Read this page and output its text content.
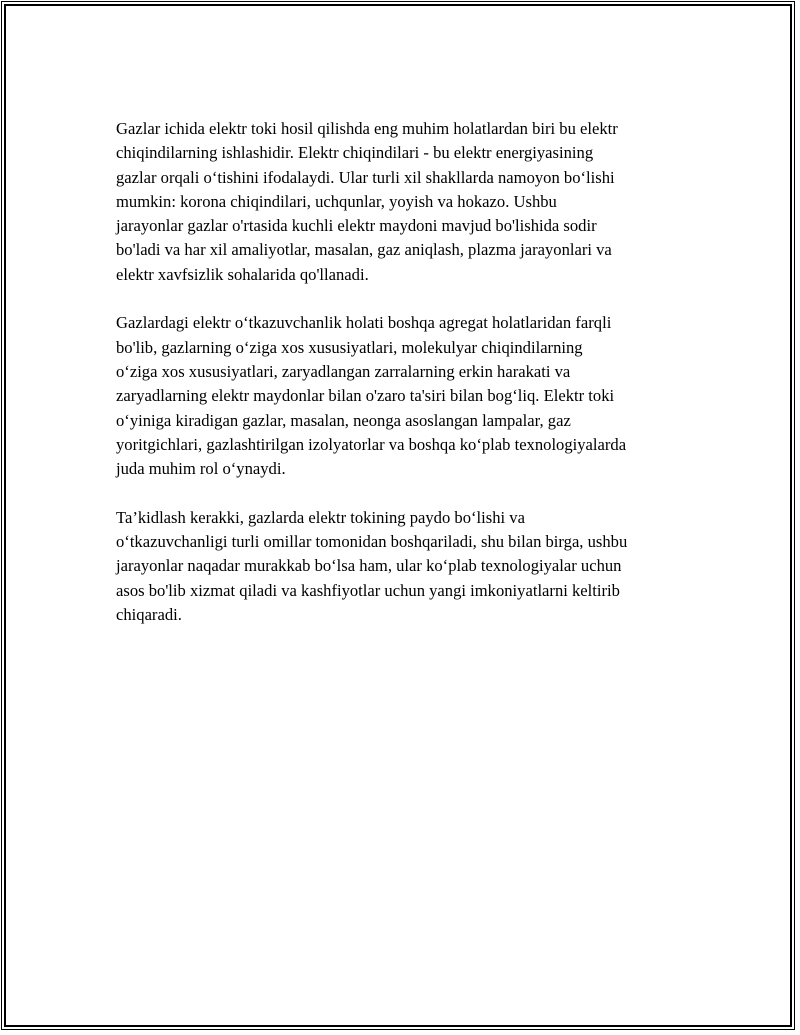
Gazlar ichida elektr toki hosil qilishda eng muhim holatlardan biri bu elektr
chiqindilarning ishlashidir. Elektr chiqindilari - bu elektr energiyasining
gazlar orqali o‘tishini ifodalaydi. Ular turli xil shakllarda namoyon bo‘lishi
mumkin: korona chiqindilari, uchqunlar, yoyish va hokazo. Ushbu
jarayonlar gazlar o'rtasida kuchli elektr maydoni mavjud bo'lishida sodir
bo'ladi va har xil amaliyotlar, masalan, gaz aniqlash, plazma jarayonlari va
elektr xavfsizlik sohalarida qo'llanadi.

Gazlardagi elektr o‘tkazuvchanlik holati boshqa agregat holatlaridan farqli
bo'lib, gazlarning o‘ziga xos xususiyatlari, molekulyar chiqindilarning
o‘ziga xos xususiyatlari, zaryadlangan zarralarning erkin harakati va
zaryadlarning elektr maydonlar bilan o'zaro ta'siri bilan bog‘liq. Elektr toki
o‘yiniga kiradigan gazlar, masalan, neonga asoslangan lampalar, gaz
yoritgichlari, gazlashtirilgan izolyatorlar va boshqa ko‘plab texnologiyalarda
juda muhim rol o‘ynaydi.

Ta’kidlash kerakki, gazlarda elektr tokining paydo bo‘lishi va
o‘tkazuvchanligi turli omillar tomonidan boshqariladi, shu bilan birga, ushbu
jarayonlar naqadar murakkab bo‘lsa ham, ular ko‘plab texnologiyalar uchun
asos bo'lib xizmat qiladi va kashfiyotlar uchun yangi imkoniyatlarni keltirib
chiqaradi.
